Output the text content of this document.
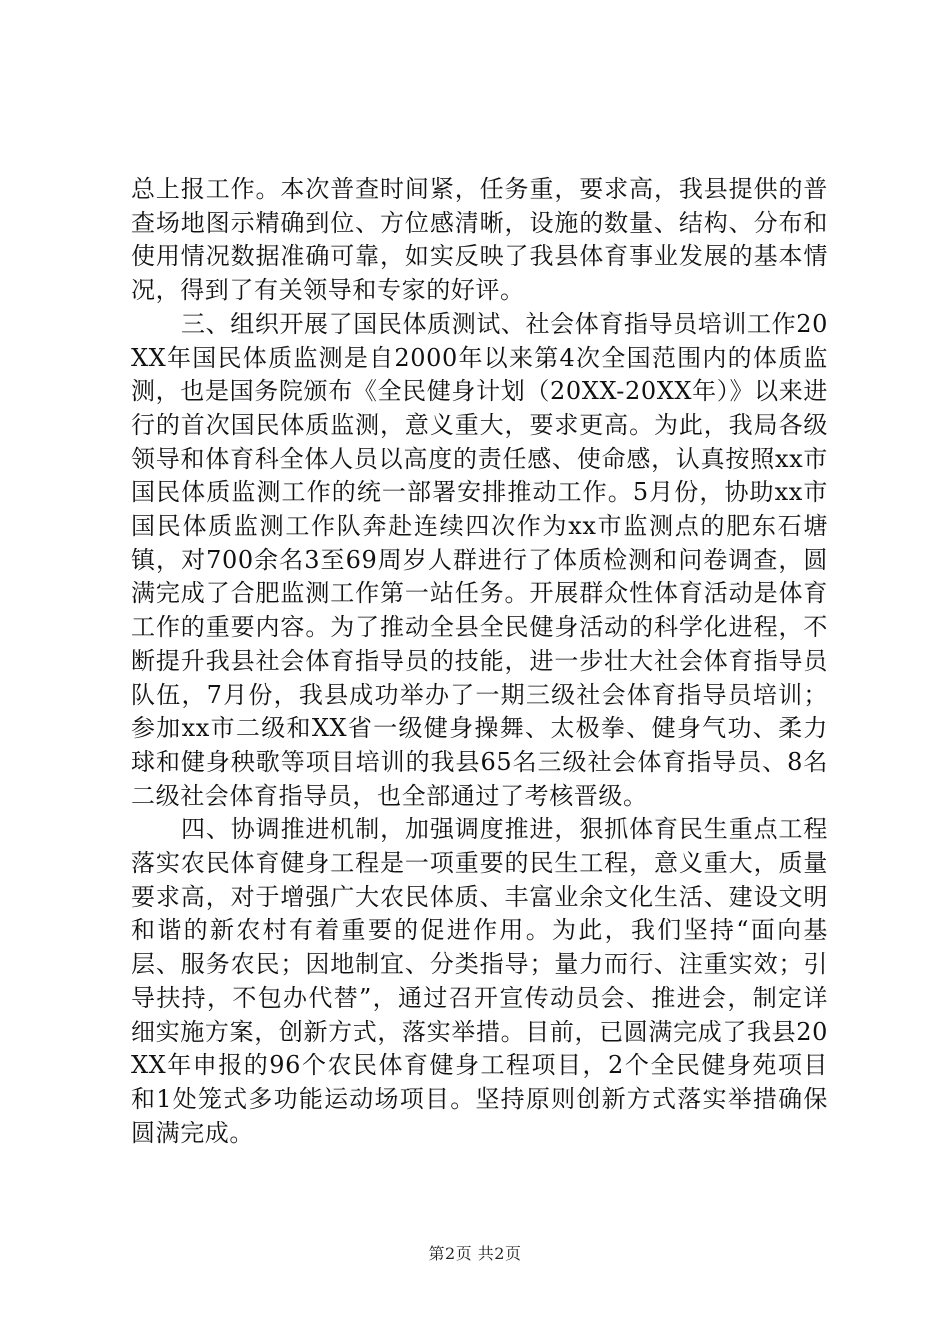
总上报工作。本次普查时间紧，任务重，要求高，我县提供的普查场地图示精确到位、方位感清晰，设施的数量、结构、分布和使用情况数据准确可靠，如实反映了我县体育事业发展的基本情况，得到了有关领导和专家的好评。

三、组织开展了国民体质测试、社会体育指导员培训工作20XX年国民体质监测是自2000年以来第4次全国范围内的体质监测，也是国务院颁布《全民健身计划（20XX-20XX年）》以来进行的首次国民体质监测，意义重大，要求更高。为此，我局各级领导和体育科全体人员以高度的责任感、使命感，认真按照xx市国民体质监测工作的统一部署安排推动工作。5月份，协助xx市国民体质监测工作队奔赴连续四次作为xx市监测点的肥东石塘镇，对700余名3至69周岁人群进行了体质检测和问卷调查，圆满完成了合肥监测工作第一站任务。开展群众性体育活动是体育工作的重要内容。为了推动全县全民健身活动的科学化进程，不断提升我县社会体育指导员的技能，进一步壮大社会体育指导员队伍，7月份，我县成功举办了一期三级社会体育指导员培训；参加xx市二级和XX省一级健身操舞、太极拳、健身气功、柔力球和健身秧歌等项目培训的我县65名三级社会体育指导员、8名二级社会体育指导员，也全部通过了考核晋级。

四、协调推进机制，加强调度推进，狠抓体育民生重点工程落实农民体育健身工程是一项重要的民生工程，意义重大，质量要求高，对于增强广大农民体质、丰富业余文化生活、建设文明和谐的新农村有着重要的促进作用。为此，我们坚持“面向基层、服务农民；因地制宜、分类指导；量力而行、注重实效；引导扶持，不包办代替”，通过召开宣传动员会、推进会，制定详细实施方案，创新方式，落实举措。目前，已圆满完成了我县20XX年申报的96个农民体育健身工程项目，2个全民健身苑项目和1处笼式多功能运动场项目。坚持原则创新方式落实举措确保圆满完成。

第2页 共2页
